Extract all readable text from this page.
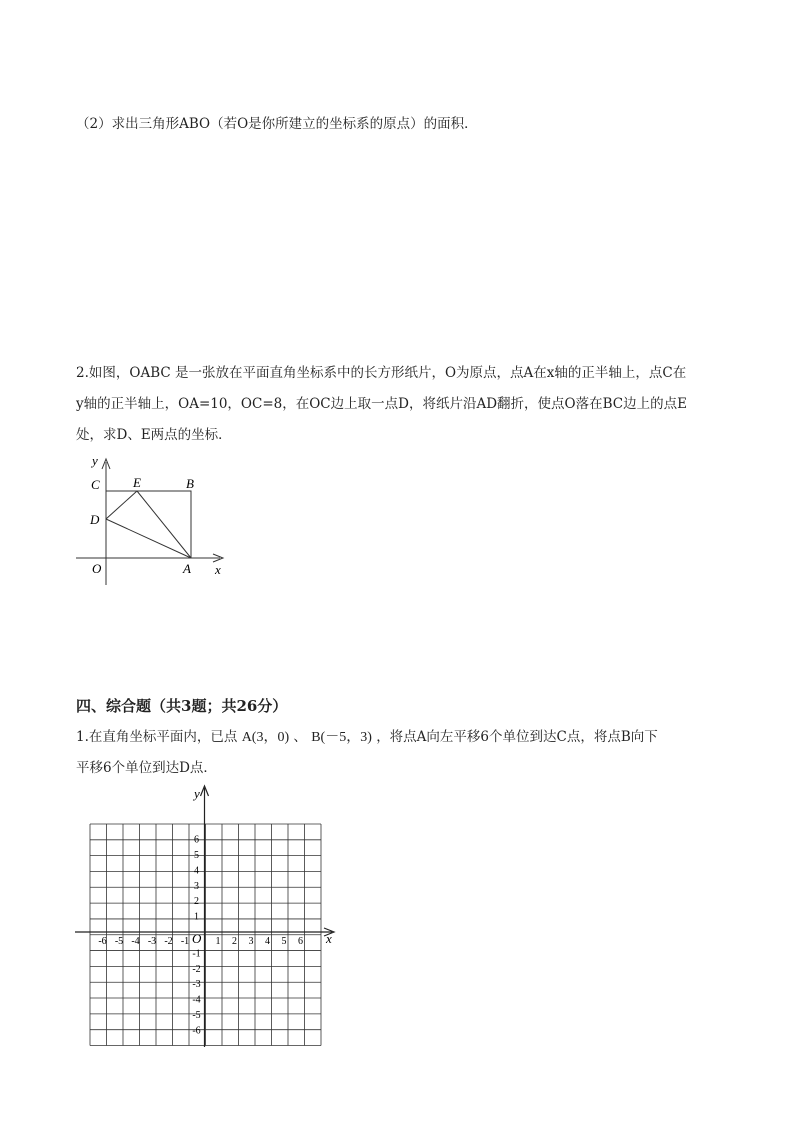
（2）求出三角形ABO（若O是你所建立的坐标系的原点）的面积．
2.如图，OABC 是一张放在平面直角坐标系中的长方形纸片，O为原点，点A在x轴的正半轴上，点C在
y轴的正半轴上，OA=10，OC=8，在OC边上取一点D，将纸片沿AD翻折，使点O落在BC边上的点E
处，求D、E两点的坐标．
y
C	E	B
D
O	A x
四、综合题（共3题；共26分）
1.在直角坐标平面内，已点 A(3，0) 、 B(－5，3) ，将点A向左平移6个单位到达C点，将点B向下
平移6个单位到达D点．
x
y
O
-6 -5 -4 -3 -2 -1	1 2 3 4 5 6
6
5
4
3
2
1
-1
-2
-3
-4
-5
-6
